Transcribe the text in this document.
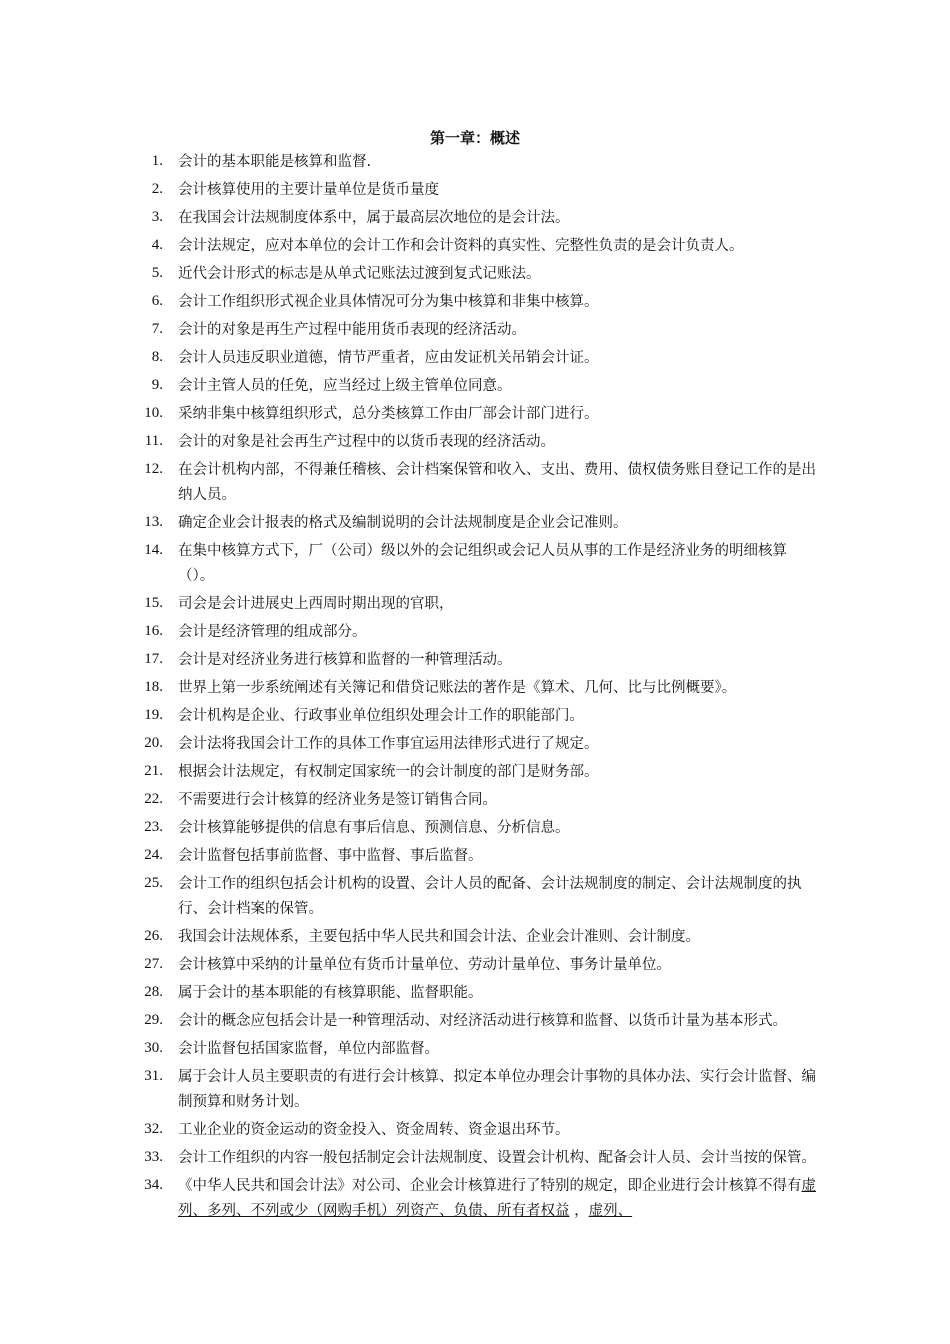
第一章：概述
1. 会计的基本职能是核算和监督.
2. 会计核算使用的主要计量单位是货币量度
3. 在我国会计法规制度体系中，属于最高层次地位的是会计法。
4. 会计法规定，应对本单位的会计工作和会计资料的真实性、完整性负责的是会计负责人。
5. 近代会计形式的标志是从单式记账法过渡到复式记账法。
6. 会计工作组织形式视企业具体情况可分为集中核算和非集中核算。
7. 会计的对象是再生产过程中能用货币表现的经济活动。
8. 会计人员违反职业道德，情节严重者，应由发证机关吊销会计证。
9. 会计主管人员的任免，应当经过上级主管单位同意。
10. 采纳非集中核算组织形式，总分类核算工作由厂部会计部门进行。
11. 会计的对象是社会再生产过程中的以货币表现的经济活动。
12. 在会计机构内部，不得兼任稽核、会计档案保管和收入、支出、费用、债权债务账目登记工作的是出纳人员。
13. 确定企业会计报表的格式及编制说明的会计法规制度是企业会记准则。
14. 在集中核算方式下，厂（公司）级以外的会记组织或会记人员从事的工作是经济业务的明细核算（）。
15. 司会是会计进展史上西周时期出现的官职，
16. 会计是经济管理的组成部分。
17. 会计是对经济业务进行核算和监督的一种管理活动。
18. 世界上第一步系统阐述有关簿记和借贷记账法的著作是《算术、几何、比与比例概要》。
19. 会计机构是企业、行政事业单位组织处理会计工作的职能部门。
20. 会计法将我国会计工作的具体工作事宜运用法律形式进行了规定。
21. 根据会计法规定，有权制定国家统一的会计制度的部门是财务部。
22. 不需要进行会计核算的经济业务是签订销售合同。
23. 会计核算能够提供的信息有事后信息、预测信息、分析信息。
24. 会计监督包括事前监督、事中监督、事后监督。
25. 会计工作的组织包括会计机构的设置、会计人员的配备、会计法规制度的制定、会计法规制度的执行、会计档案的保管。
26. 我国会计法规体系，主要包括中华人民共和国会计法、企业会计准则、会计制度。
27. 会计核算中采纳的计量单位有货币计量单位、劳动计量单位、事务计量单位。
28. 属于会计的基本职能的有核算职能、监督职能。
29. 会计的概念应包括会计是一种管理活动、对经济活动进行核算和监督、以货币计量为基本形式。
30. 会计监督包括国家监督，单位内部监督。
31. 属于会计人员主要职责的有进行会计核算、拟定本单位办理会计事物的具体办法、实行会计监督、编制预算和财务计划。
32. 工业企业的资金运动的资金投入、资金周转、资金退出环节。
33. 会计工作组织的内容一般包括制定会计法规制度、设置会计机构、配备会计人员、会计当按的保管。
34. 《中华人民共和国会计法》对公司、企业会计核算进行了特别的规定，即企业进行会计核算不得有虚列、多列、不列或少（网购手机）列资产、负债、所有者权益 ，虚列、
